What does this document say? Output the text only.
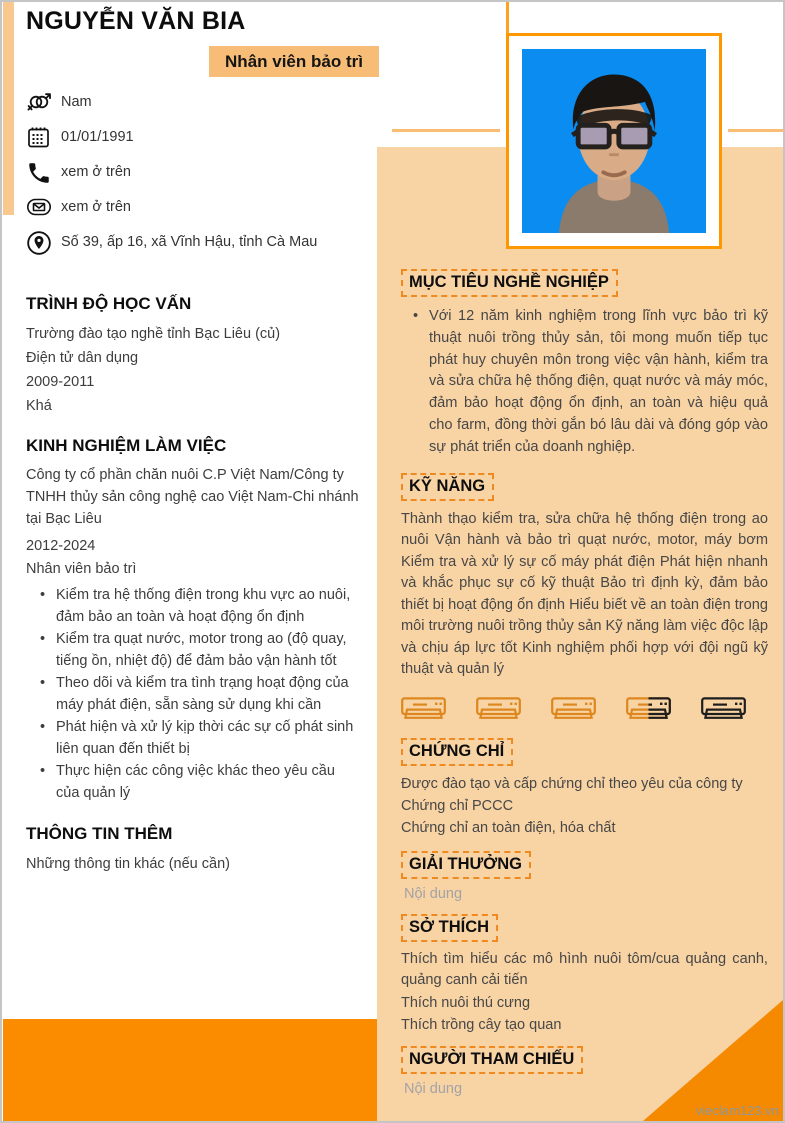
NGUYỄN VĂN BIA
Nhân viên bảo trì
Nam
01/01/1991
xem ở trên
xem ở trên
Số 39, ấp 16, xã Vĩnh Hậu, tỉnh Cà Mau
TRÌNH ĐỘ HỌC VẤN
Trường đào tạo nghề tỉnh Bạc Liêu (củ)
Điện tử dân dụng
2009-2011
Khá
KINH NGHIỆM LÀM VIỆC
Công ty cổ phần chăn nuôi C.P Việt Nam/Công ty TNHH thủy sản công nghệ cao Việt Nam-Chi nhánh tại Bạc Liêu
2012-2024
Nhân viên bảo trì
• Kiểm tra hệ thống điện trong khu vực ao nuôi, đảm bảo an toàn và hoạt động ổn định
• Kiểm tra quạt nước, motor trong ao (độ quay, tiếng ồn, nhiệt độ) để đảm bảo vận hành tốt
• Theo dõi và kiểm tra tình trạng hoạt động của máy phát điện, sẵn sàng sử dụng khi cần
• Phát hiện và xử lý kịp thời các sự cố phát sinh liên quan đến thiết bị
• Thực hiện các công việc khác theo yêu cầu của quản lý
THÔNG TIN THÊM
Những thông tin khác (nếu cần)
MỤC TIÊU NGHỀ NGHIỆP
• Với 12 năm kinh nghiệm trong lĩnh vực bảo trì kỹ thuật nuôi trồng thủy sản, tôi mong muốn tiếp tục phát huy chuyên môn trong việc vận hành, kiểm tra và sửa chữa hệ thống điện, quạt nước và máy móc, đảm bảo hoạt động ổn định, an toàn và hiệu quả cho farm, đồng thời gắn bó lâu dài và đóng góp vào sự phát triển của doanh nghiệp.
KỸ NĂNG
Thành thạo kiểm tra, sửa chữa hệ thống điện trong ao nuôi Vận hành và bảo trì quạt nước, motor, máy bơm Kiểm tra và xử lý sự cố máy phát điện Phát hiện nhanh và khắc phục sự cố kỹ thuật Bảo trì định kỳ, đảm bảo thiết bị hoạt động ổn định Hiểu biết về an toàn điện trong môi trường nuôi trồng thủy sản Kỹ năng làm việc độc lập và chịu áp lực tốt Kinh nghiệm phối hợp với đội ngũ kỹ thuật và quản lý
CHỨNG CHỈ
Được đào tạo và cấp chứng chỉ theo yêu của công ty
Chứng chỉ PCCC
Chứng chỉ an toàn điện, hóa chất
GIẢI THƯỞNG
Nội dung
SỞ THÍCH
Thích tìm hiểu các mô hình nuôi tôm/cua quảng canh, quảng canh cải tiến
Thích nuôi thú cưng
Thích trồng cây tạo quan
NGƯỜI THAM CHIẾU
Nội dung
vieclam123.vn
